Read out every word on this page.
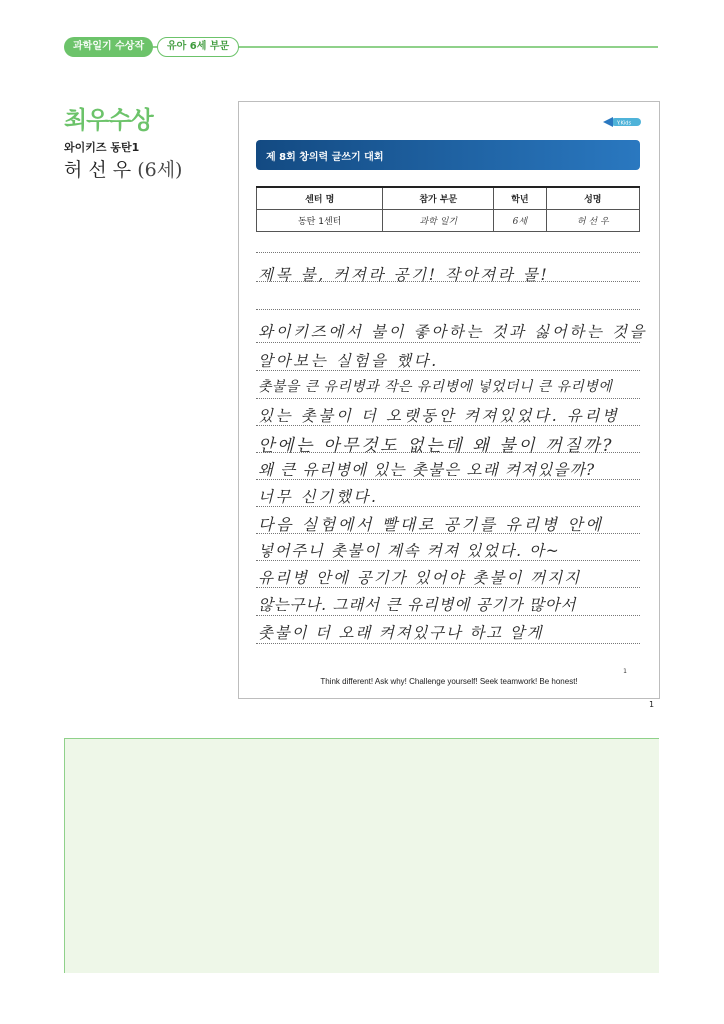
과학일기 수상작	유아 6세 부문
최우수상
와이키즈 동탄1
허 선 우 (6세)
Y.Kids
제 8회 창의력 글쓰기 대회
센터 명	참가 부문	학년	성명
동탄 1센터	과학 일기	6세	허 선 우
제목 불, 커져라 공기! 작아져라 물!
와이키즈에서 불이 좋아하는 것과 싫어하는 것을
알아보는 실험을 했다.
촛불을 큰 유리병과 작은 유리병에 넣었더니 큰 유리병에
있는 촛불이 더 오랫동안 켜져있었다. 유리병
안에는 아무것도 없는데 왜 불이 꺼질까?
왜 큰 유리병에 있는 촛불은 오래 켜져있을까?
너무 신기했다.
다음 실험에서 빨대로 공기를 유리병 안에
넣어주니 촛불이 계속 켜져 있었다. 아~
유리병 안에 공기가 있어야 촛불이 꺼지지
않는구나. 그래서 큰 유리병에 공기가 많아서
촛불이 더 오래 켜져있구나 하고 알게
1
Think different! Ask why! Challenge yourself! Seek teamwork! Be honest!
1
